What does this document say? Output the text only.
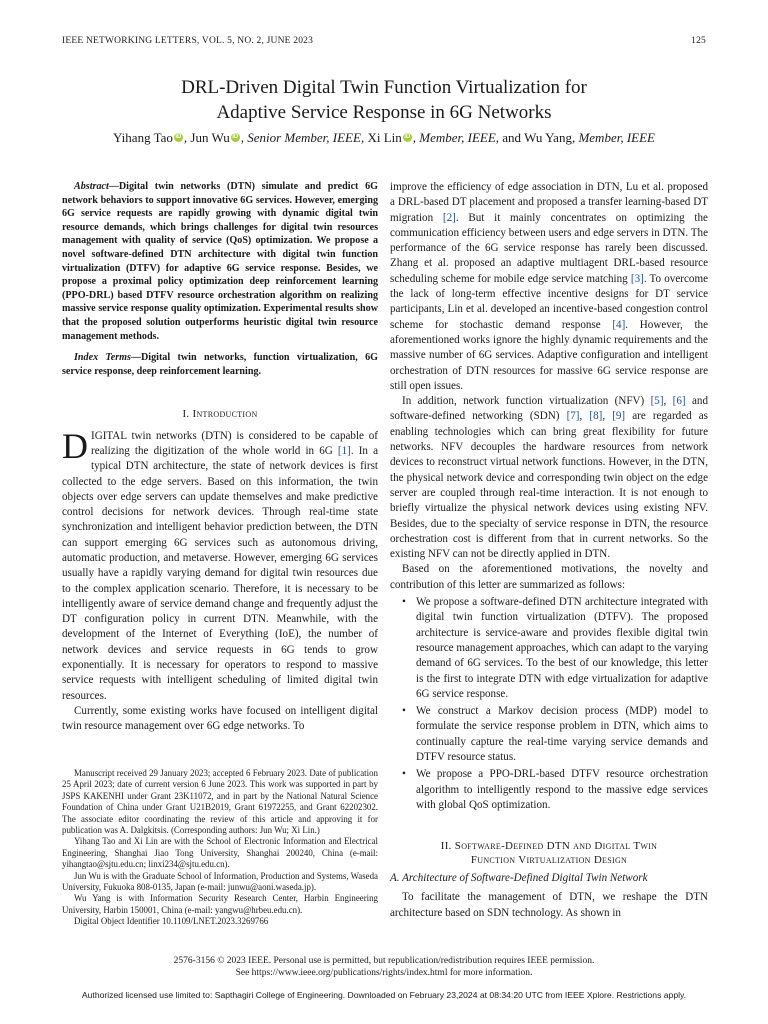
IEEE NETWORKING LETTERS, VOL. 5, NO. 2, JUNE 2023	125
DRL-Driven Digital Twin Function Virtualization for
Adaptive Service Response in 6G Networks
Yihang Tao iD , Jun Wu iD , Senior Member, IEEE, Xi Lin iD , Member, IEEE, and Wu Yang, Member, IEEE

Abstract—Digital twin networks (DTN) simulate and predict 6G network behaviors to support innovative 6G services. However, emerging 6G service requests are rapidly growing with dynamic digital twin resource demands, which brings challenges for digital twin resources management with quality of service (QoS) optimization. We propose a novel software-defined DTN architecture with digital twin function virtualization (DTFV) for adaptive 6G service response. Besides, we propose a proximal policy optimization deep reinforcement learning (PPO-DRL) based DTFV resource orchestration algorithm on realizing massive service response quality optimization. Experimental results show that the proposed solution outperforms heuristic digital twin resource management methods.

Index Terms—Digital twin networks, function virtualization, 6G service response, deep reinforcement learning.

I. Introduction

DIGITAL twin networks (DTN) is considered to be capable of realizing the digitization of the whole world in 6G [1]. In a typical DTN architecture, the state of network devices is first collected to the edge servers. Based on this information, the twin objects over edge servers can update themselves and make predictive control decisions for network devices. Through real-time state synchronization and intelligent behavior prediction between, the DTN can support emerging 6G services such as autonomous driving, automatic production, and metaverse. However, emerging 6G services usually have a rapidly varying demand for digital twin resources due to the complex application scenario. Therefore, it is necessary to be intelligently aware of service demand change and frequently adjust the DT configuration policy in current DTN. Meanwhile, with the development of the Internet of Everything (IoE), the number of network devices and service requests in 6G tends to grow exponentially. It is necessary for operators to respond to massive service requests with intelligent scheduling of limited digital twin resources.

Currently, some existing works have focused on intelligent digital twin resource management over 6G edge networks. To

Manuscript received 29 January 2023; accepted 6 February 2023. Date of publication 25 April 2023; date of current version 6 June 2023. This work was supported in part by JSPS KAKENHI under Grant 23K11072, and in part by the National Natural Science Foundation of China under Grant U21B2019, Grant 61972255, and Grant 62202302. The associate editor coordinating the review of this article and approving it for publication was A. Dalgkitsis. (Corresponding authors: Jun Wu; Xi Lin.)

Yihang Tao and Xi Lin are with the School of Electronic Information and Electrical Engineering, Shanghai Jiao Tong University, Shanghai 200240, China (e-mail: yihangtao@sjtu.edu.cn; linxi234@sjtu.edu.cn).

Jun Wu is with the Graduate School of Information, Production and Systems, Waseda University, Fukuoka 808-0135, Japan (e-mail: junwu@aoni.waseda.jp).

Wu Yang is with Information Security Research Center, Harbin Engineering University, Harbin 150001, China (e-mail: yangwu@hrbeu.edu.cn).

Digital Object Identifier 10.1109/LNET.2023.3269766

improve the efficiency of edge association in DTN, Lu et al. proposed a DRL-based DT placement and proposed a transfer learning-based DT migration [2]. But it mainly concentrates on optimizing the communication efficiency between users and edge servers in DTN. The performance of the 6G service response has rarely been discussed. Zhang et al. proposed an adaptive multiagent DRL-based resource scheduling scheme for mobile edge service matching [3]. To overcome the lack of long-term effective incentive designs for DT service participants, Lin et al. developed an incentive-based congestion control scheme for stochastic demand response [4]. However, the aforementioned works ignore the highly dynamic requirements and the massive number of 6G services. Adaptive configuration and intelligent orchestration of DTN resources for massive 6G service response are still open issues.

In addition, network function virtualization (NFV) [5], [6] and software-defined networking (SDN) [7], [8], [9] are regarded as enabling technologies which can bring great flexibility for future networks. NFV decouples the hardware resources from network devices to reconstruct virtual network functions. However, in the DTN, the physical network device and corresponding twin object on the edge server are coupled through real-time interaction. It is not enough to briefly virtualize the physical network devices using existing NFV. Besides, due to the specialty of service response in DTN, the resource orchestration cost is different from that in current networks. So the existing NFV can not be directly applied in DTN.

Based on the aforementioned motivations, the novelty and contribution of this letter are summarized as follows:

• We propose a software-defined DTN architecture integrated with digital twin function virtualization (DTFV). The proposed architecture is service-aware and provides flexible digital twin resource management approaches, which can adapt to the varying demand of 6G services. To the best of our knowledge, this letter is the first to integrate DTN with edge virtualization for adaptive 6G service response.
• We construct a Markov decision process (MDP) model to formulate the service response problem in DTN, which aims to continually capture the real-time varying service demands and DTFV resource status.
• We propose a PPO-DRL-based DTFV resource orchestration algorithm to intelligently respond to the massive edge services with global QoS optimization.
II. Software-Defined DTN and Digital Twin
Function Virtualization Design

A. Architecture of Software-Defined Digital Twin Network

To facilitate the management of DTN, we reshape the DTN architecture based on SDN technology. As shown in

2576-3156 © 2023 IEEE. Personal use is permitted, but republication/redistribution requires IEEE permission.
See https://www.ieee.org/publications/rights/index.html for more information.
Authorized licensed use limited to: Sapthagiri College of Engineering. Downloaded on February 23,2024 at 08:34:20 UTC from IEEE Xplore. Restrictions apply.
